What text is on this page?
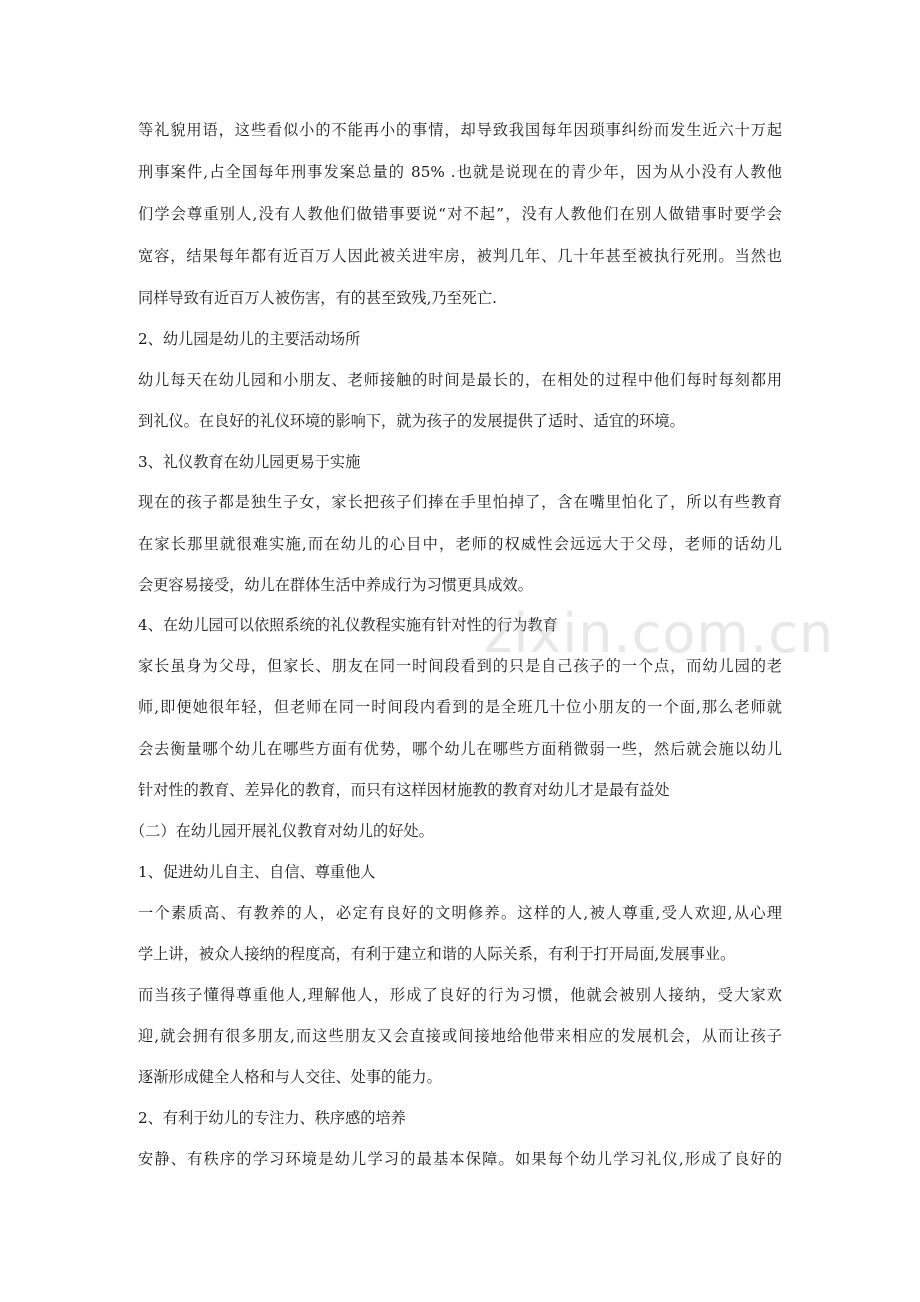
等礼貌用语，这些看似小的不能再小的事情，却导致我国每年因琐事纠纷而发生近六十万起
刑事案件,占全国每年刑事发案总量的 85% .也就是说现在的青少年，因为从小没有人教他
们学会尊重别人,没有人教他们做错事要说“对不起”，没有人教他们在别人做错事时要学会
宽容，结果每年都有近百万人因此被关进牢房，被判几年、几十年甚至被执行死刑。当然也
同样导致有近百万人被伤害，有的甚至致残,乃至死亡.
2、幼儿园是幼儿的主要活动场所
幼儿每天在幼儿园和小朋友、老师接触的时间是最长的，在相处的过程中他们每时每刻都用
到礼仪。在良好的礼仪环境的影响下，就为孩子的发展提供了适时、适宜的环境。
3、礼仪教育在幼儿园更易于实施
现在的孩子都是独生子女，家长把孩子们捧在手里怕掉了，含在嘴里怕化了，所以有些教育
在家长那里就很难实施,而在幼儿的心目中，老师的权威性会远远大于父母，老师的话幼儿
会更容易接受，幼儿在群体生活中养成行为习惯更具成效。
4、在幼儿园可以依照系统的礼仪教程实施有针对性的行为教育
家长虽身为父母，但家长、朋友在同一时间段看到的只是自己孩子的一个点，而幼儿园的老
师,即便她很年轻，但老师在同一时间段内看到的是全班几十位小朋友的一个面,那么老师就
会去衡量哪个幼儿在哪些方面有优势，哪个幼儿在哪些方面稍微弱一些，然后就会施以幼儿
针对性的教育、差异化的教育，而只有这样因材施教的教育对幼儿才是最有益处
（二）在幼儿园开展礼仪教育对幼儿的好处。
1、促进幼儿自主、自信、尊重他人
一个素质高、有教养的人，必定有良好的文明修养。这样的人,被人尊重,受人欢迎,从心理
学上讲，被众人接纳的程度高，有利于建立和谐的人际关系，有利于打开局面,发展事业。
而当孩子懂得尊重他人,理解他人，形成了良好的行为习惯，他就会被别人接纳，受大家欢
迎,就会拥有很多朋友,而这些朋友又会直接或间接地给他带来相应的发展机会，从而让孩子
逐渐形成健全人格和与人交往、处事的能力。
2、有利于幼儿的专注力、秩序感的培养
安静、有秩序的学习环境是幼儿学习的最基本保障。如果每个幼儿学习礼仪,形成了良好的
zixin.com.cn
